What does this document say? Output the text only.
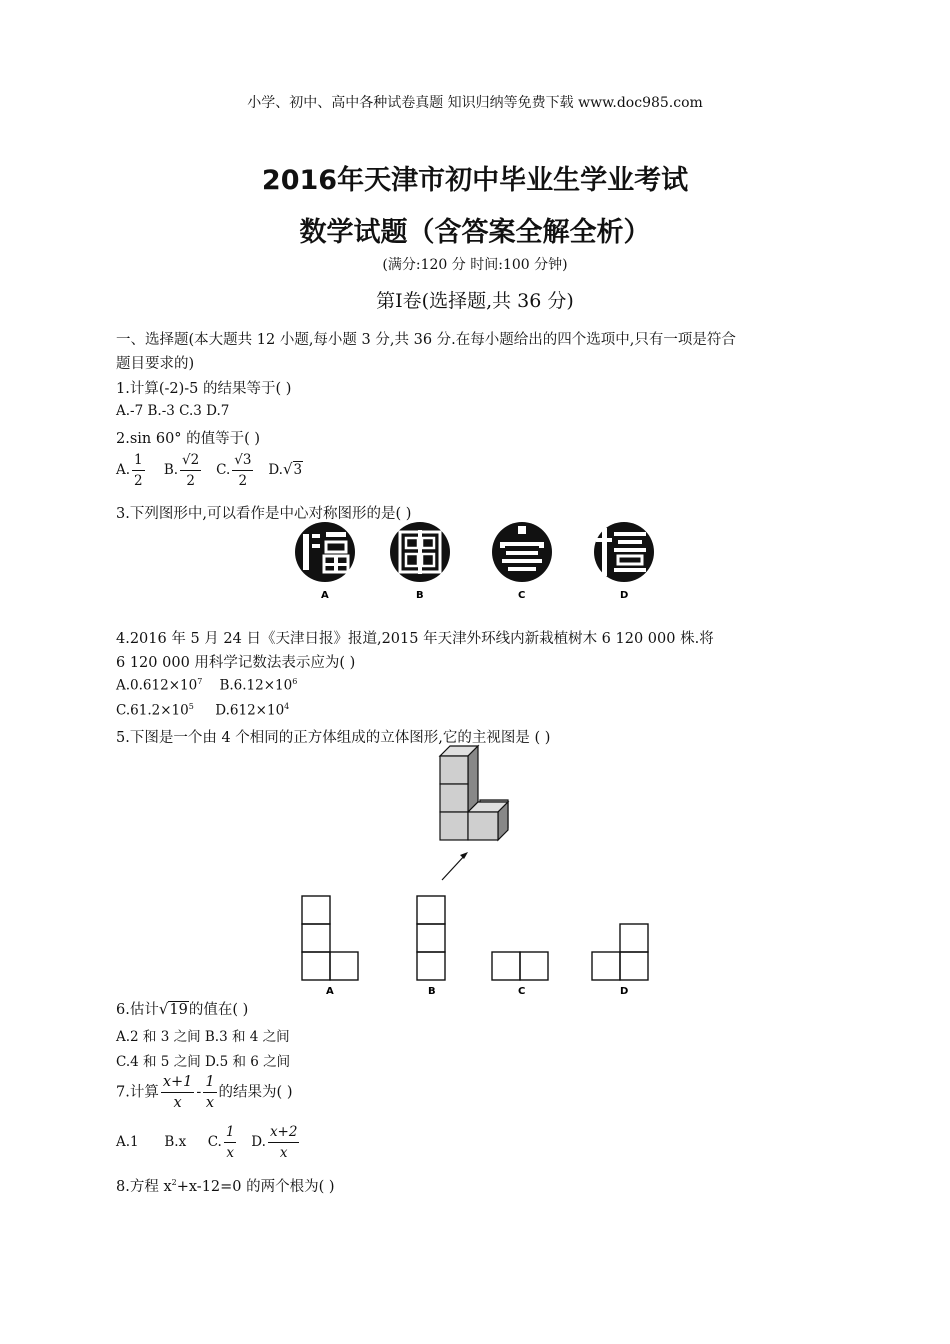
小学、初中、高中各种试卷真题 知识归纳等免费下载 www.doc985.com
2016年天津市初中毕业生学业考试
数学试题（含答案全解全析）
(满分:120 分 时间:100 分钟)
第Ⅰ卷(选择题,共 36 分)
一、选择题(本大题共 12 小题,每小题 3 分,共 36 分.在每小题给出的四个选项中,只有一项是符合
题目要求的)
1.计算(-2)-5 的结果等于( )
A.-7 B.-3 C.3 D.7
2.sin 60° 的值等于( )
A. $\frac{1}{2} B$. $\frac{√2}{2} C$. $\frac{√3}{2} D.√3$
3.下列图形中,可以看作是中心对称图形的是( )
A	B	C	D
4.2016 年 5 月 24 日《天津日报》报道,2015 年天津外环线内新栽植树木 6 120 000 株.将
6 120 000 用科学记数法表示应为( )
$A.0.612\times 10^7$ $B.6.12\times 10^6$
$C.61.2\times 10^5$ $D.612\times 10^4$
5.下图是一个由 4 个相同的正方体组成的立体图形,它的主视图是 ( )
A	B	C	D
6.估计√19的值在( )
A.2 和 3 之间 B.3 和 4 之间
C.4 和 5 之间 D.5 和 6 之间
7.计算 $\frac{x+1}{x} - \frac{1}{x}$ 的结果为( )
A.1 B.x C. $\frac{1}{x} D$. $\frac{x+2}{x}$
8.方程 $x^2+x-12=0$ 的两个根为( )
